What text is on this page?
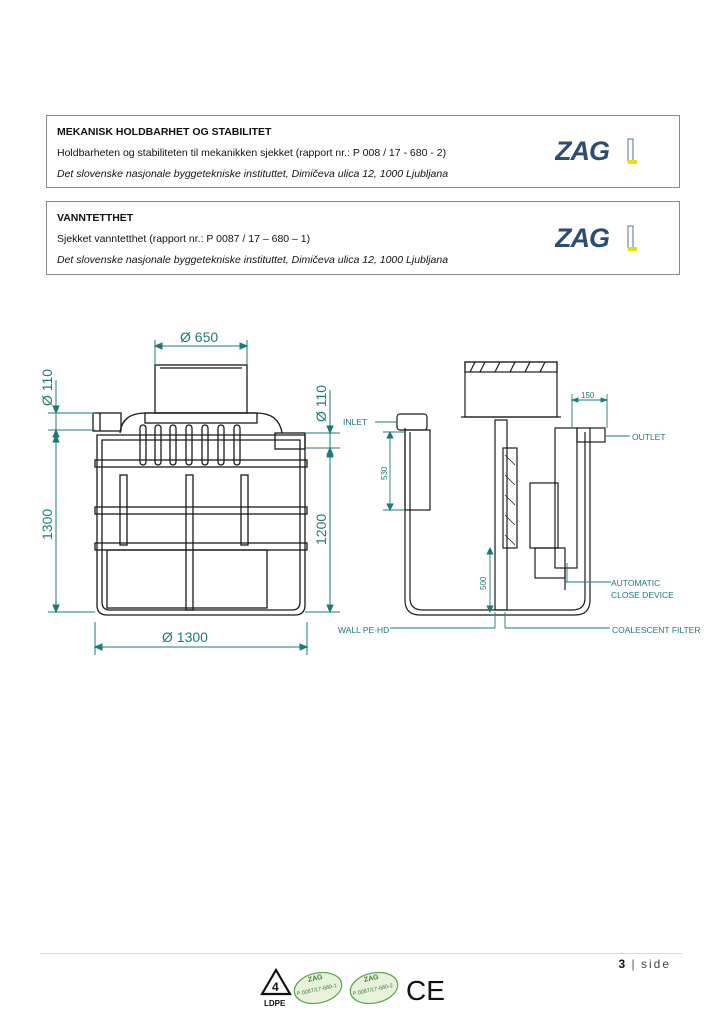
MEKANISK HOLDBARHET OG STABILITET
Holdbarheten og stabiliteten til mekanikken sjekket (rapport nr.: P 008 / 17 - 680 - 2)
Det slovenske nasjonale byggetekniske instituttet, Dimičeva ulica 12, 1000 Ljubljana
ZAG
VANNTETTHET
Sjekket vanntetthet (rapport nr.: P 0087 / 17 – 680 – 1)
Det slovenske nasjonale byggetekniske instituttet, Dimičeva ulica 12, 1000 Ljubljana
ZAG
Ø 650
Ø 110
1300
Ø 110
1200
Ø 1300
INLET
OUTLET
AUTOMATIC
CLOSE DEVICE
WALL PE-HD	COALESCENT FILTER
150
530
500
3 | side
4
LDPE
ZAG
P 0087/17-680-1
ZAG
P 0087/17-680-2 CE
